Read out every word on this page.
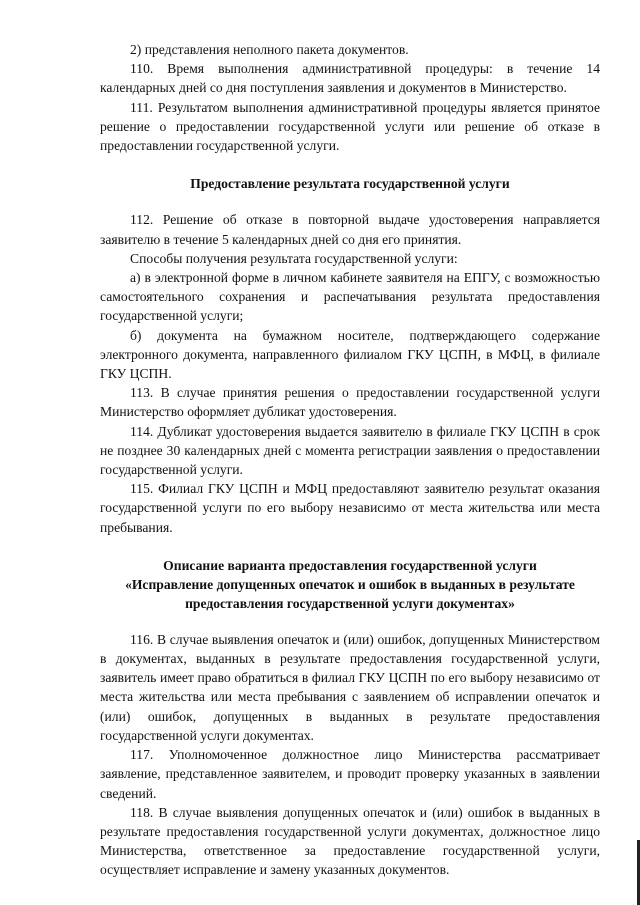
2) представления неполного пакета документов.

110. Время выполнения административной процедуры: в течение 14 календарных дней со дня поступления заявления и документов в Министерство.

111. Результатом выполнения административной процедуры является принятое решение о предоставлении государственной услуги или решение об отказе в предоставлении государственной услуги.

Предоставление результата государственной услуги

112. Решение об отказе в повторной выдаче удостоверения направляется заявителю в течение 5 календарных дней со дня его принятия.

Способы получения результата государственной услуги:

а) в электронной форме в личном кабинете заявителя на ЕПГУ, с возможностью самостоятельного сохранения и распечатывания результата предоставления государственной услуги;

б) документа на бумажном носителе, подтверждающего содержание электронного документа, направленного филиалом ГКУ ЦСПН, в МФЦ, в филиале ГКУ ЦСПН.

113. В случае принятия решения о предоставлении государственной услуги Министерство оформляет дубликат удостоверения.

114. Дубликат удостоверения выдается заявителю в филиале ГКУ ЦСПН в срок не позднее 30 календарных дней с момента регистрации заявления о предоставлении государственной услуги.

115. Филиал ГКУ ЦСПН и МФЦ предоставляют заявителю результат оказания государственной услуги по его выбору независимо от места жительства или места пребывания.

Описание варианта предоставления государственной услуги
«Исправление допущенных опечаток и ошибок в выданных в результате
предоставления государственной услуги документах»

116. В случае выявления опечаток и (или) ошибок, допущенных Министерством в документах, выданных в результате предоставления государственной услуги, заявитель имеет право обратиться в филиал ГКУ ЦСПН по его выбору независимо от места жительства или места пребывания с заявлением об исправлении опечаток и (или) ошибок, допущенных в выданных в результате предоставления государственной услуги документах.

117. Уполномоченное должностное лицо Министерства рассматривает заявление, представленное заявителем, и проводит проверку указанных в заявлении сведений.

118. В случае выявления допущенных опечаток и (или) ошибок в выданных в результате предоставления государственной услуги документах, должностное лицо Министерства, ответственное за предоставление государственной услуги, осуществляет исправление и замену указанных документов.
